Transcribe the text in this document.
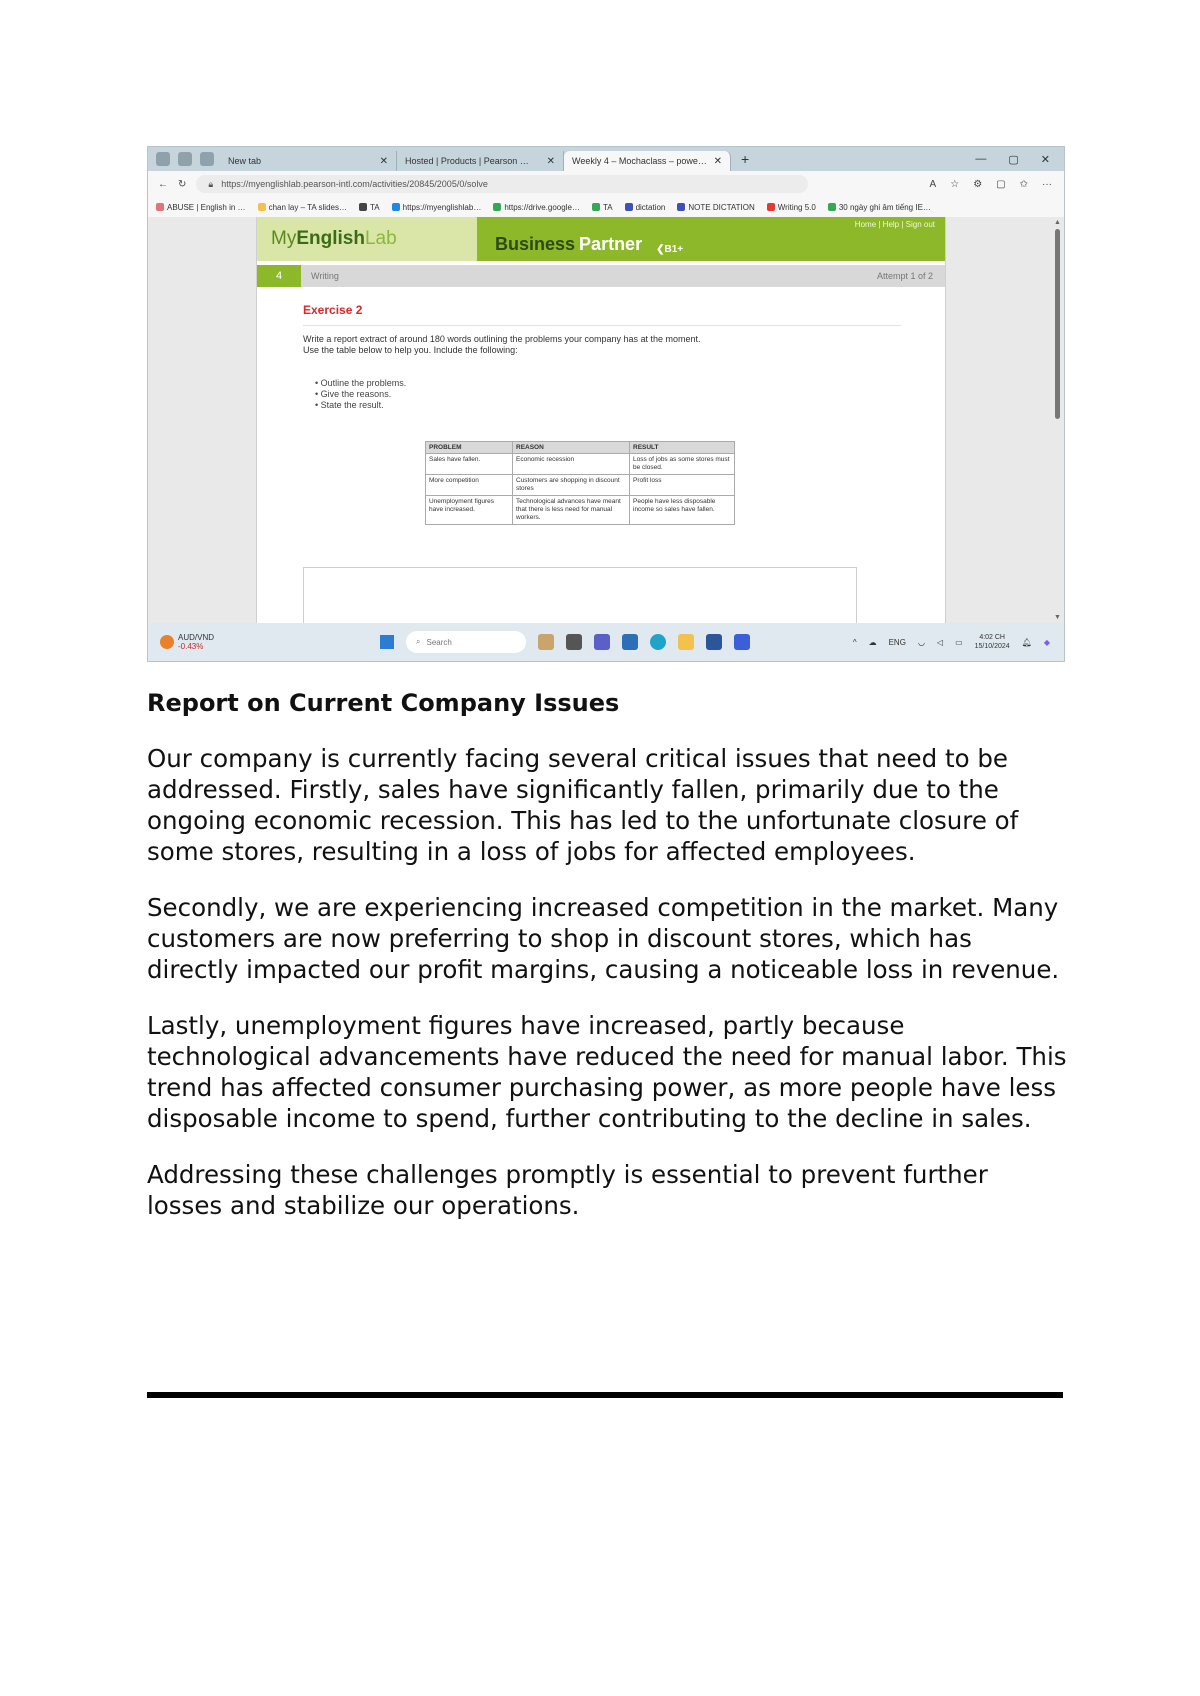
New tab	✕ Hosted | Products | Pearson … ✕ Weekly 4 – Mochaclass – powe… ✕ +	— ▢ ✕
← ↻ 🔒︎ https://myenglishlab.pearson-intl.com/activities/20845/2005/0/solve	A ☆ ⚙ ▢ ✩ ···
ABUSE | English in …	chan lay – TA slides…	TA	https://myenglishlab…	https://drive.google…	TA	dictation	NOTE DICTATION	Writing 5.0	30 ngày ghi âm tiếng IE…
My English Lab	Business Partner ❮B1+
Home | Help | Sign out
4	Writing	Attempt 1 of 2
Exercise 2
Write a report extract of around 180 words outlining the problems your company has at the moment.
Use the table below to help you. Include the following:
• Outline the problems.
• Give the reasons.
• State the result.
PROBLEM	REASON	RESULT
Sales have fallen.	Economic recession	Loss of jobs as some stores must be closed.
More competition	Customers are shopping in discount stores	Profit loss
Unemployment figures have increased.	Technological advances have meant that there is less need for manual workers.	People have less disposable income so sales have fallen.
▲
▼
AUD/VND
-0.43%
⌕ Search	^ ☁ ENG ◡ ◁ ▭	4:02 CH
15/10/2024 🔔︎ ◆
Report on Current Company Issues

Our company is currently facing several critical issues that need to be addressed. Firstly, sales have significantly fallen, primarily due to the ongoing economic recession. This has led to the unfortunate closure of some stores, resulting in a loss of jobs for affected employees.

Secondly, we are experiencing increased competition in the market. Many customers are now preferring to shop in discount stores, which has directly impacted our profit margins, causing a noticeable loss in revenue.

Lastly, unemployment figures have increased, partly because technological advancements have reduced the need for manual labor. This trend has affected consumer purchasing power, as more people have less disposable income to spend, further contributing to the decline in sales.

Addressing these challenges promptly is essential to prevent further losses and stabilize our operations.
